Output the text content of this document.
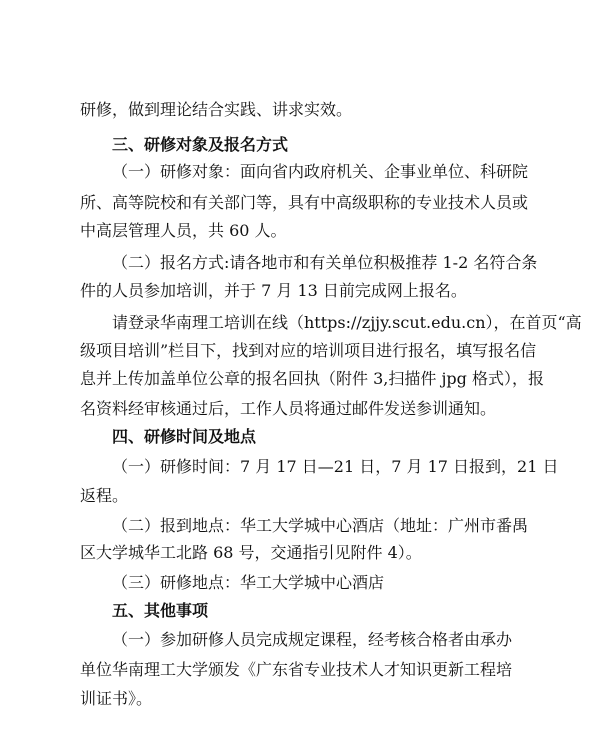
研修，做到理论结合实践、讲求实效。
三、研修对象及报名方式
（一）研修对象：面向省内政府机关、企事业单位、科研院
所、高等院校和有关部门等，具有中高级职称的专业技术人员或
中高层管理人员，共 60 人。
（二）报名方式:请各地市和有关单位积极推荐 1-2 名符合条
件的人员参加培训，并于 7 月 13 日前完成网上报名。
请登录华南理工培训在线（https://zjjy.scut.edu.cn），在首页“高
级项目培训”栏目下，找到对应的培训项目进行报名，填写报名信
息并上传加盖单位公章的报名回执（附件 3,扫描件 jpg 格式），报
名资料经审核通过后，工作人员将通过邮件发送参训通知。
四、研修时间及地点
（一）研修时间：7 月 17 日—21 日，7 月 17 日报到，21 日
返程。
（二）报到地点：华工大学城中心酒店（地址：广州市番禺
区大学城华工北路 68 号，交通指引见附件 4）。
（三）研修地点：华工大学城中心酒店
五、其他事项
（一）参加研修人员完成规定课程，经考核合格者由承办
单位华南理工大学颁发《广东省专业技术人才知识更新工程培
训证书》。
